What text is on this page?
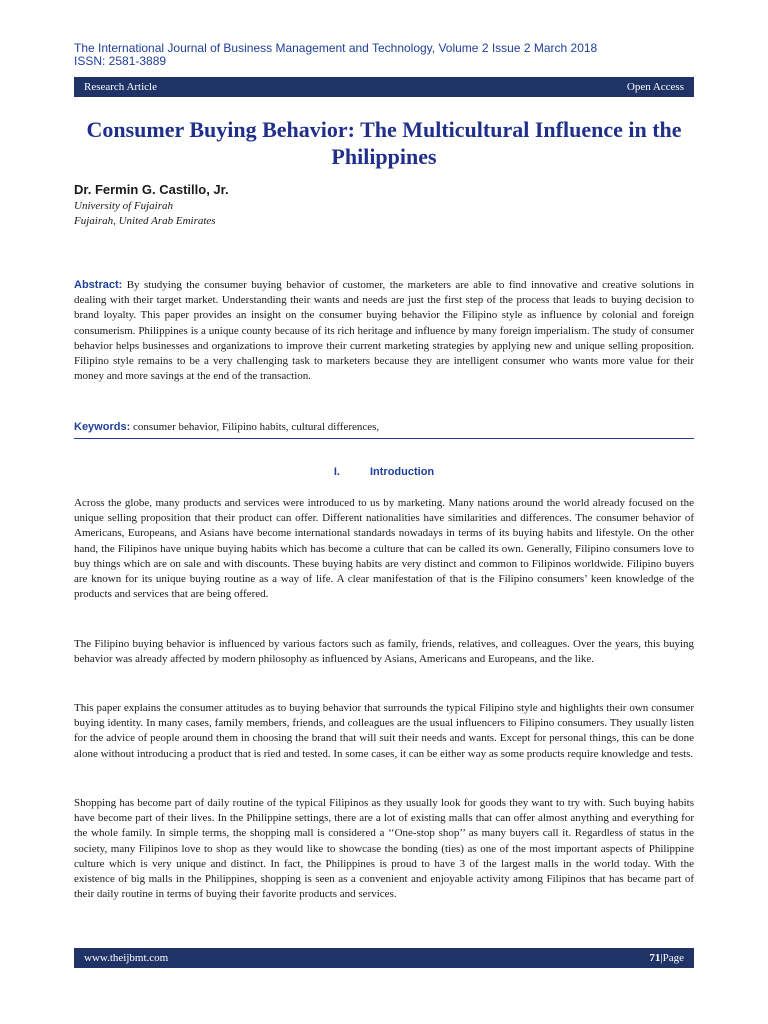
The International Journal of Business Management and Technology, Volume 2 Issue 2 March 2018
ISSN: 2581-3889
Research Article	Open Access
Consumer Buying Behavior: The Multicultural Influence in the Philippines
Dr. Fermin G. Castillo, Jr.
University of Fujairah
Fujairah, United Arab Emirates

Abstract: By studying the consumer buying behavior of customer, the marketers are able to find innovative and creative solutions in dealing with their target market. Understanding their wants and needs are just the first step of the process that leads to buying decision to brand loyalty. This paper provides an insight on the consumer buying behavior the Filipino style as influence by colonial and foreign consumerism. Philippines is a unique county because of its rich heritage and influence by many foreign imperialism. The study of consumer behavior helps businesses and organizations to improve their current marketing strategies by applying new and unique selling proposition. Filipino style remains to be a very challenging task to marketers because they are intelligent consumer who wants more value for their money and more savings at the end of the transaction.

Keywords: consumer behavior, Filipino habits, cultural differences,

I.	Introduction

Across the globe, many products and services were introduced to us by marketing. Many nations around the world already focused on the unique selling proposition that their product can offer. Different nationalities have similarities and differences. The consumer behavior of Americans, Europeans, and Asians have become international standards nowadays in terms of its buying habits and lifestyle. On the other hand, the Filipinos have unique buying habits which has become a culture that can be called its own. Generally, Filipino consumers love to buy things which are on sale and with discounts. These buying habits are very distinct and common to Filipinos worldwide. Filipino buyers are known for its unique buying routine as a way of life. A clear manifestation of that is the Filipino consumers’ keen knowledge of the products and services that are being offered.

The Filipino buying behavior is influenced by various factors such as family, friends, relatives, and colleagues. Over the years, this buying behavior was already affected by modern philosophy as influenced by Asians, Americans and Europeans, and the like.

This paper explains the consumer attitudes as to buying behavior that surrounds the typical Filipino style and highlights their own consumer buying identity. In many cases, family members, friends, and colleagues are the usual influencers to Filipino consumers. They usually listen for the advice of people around them in choosing the brand that will suit their needs and wants. Except for personal things, this can be done alone without introducing a product that is ried and tested. In some cases, it can be either way as some products require knowledge and tests.

Shopping has become part of daily routine of the typical Filipinos as they usually look for goods they want to try with. Such buying habits have become part of their lives. In the Philippine settings, there are a lot of existing malls that can offer almost anything and everything for the whole family. In simple terms, the shopping mall is considered a ‘‘One-stop shop’’ as many buyers call it. Regardless of status in the society, many Filipinos love to shop as they would like to showcase the bonding (ties) as one of the most important aspects of Philippine culture which is very unique and distinct. In fact, the Philippines is proud to have 3 of the largest malls in the world today. With the existence of big malls in the Philippines, shopping is seen as a convenient and enjoyable activity among Filipinos that has became part of their daily routine in terms of buying their favorite products and services.

www.theijbmt.com	71|Page
